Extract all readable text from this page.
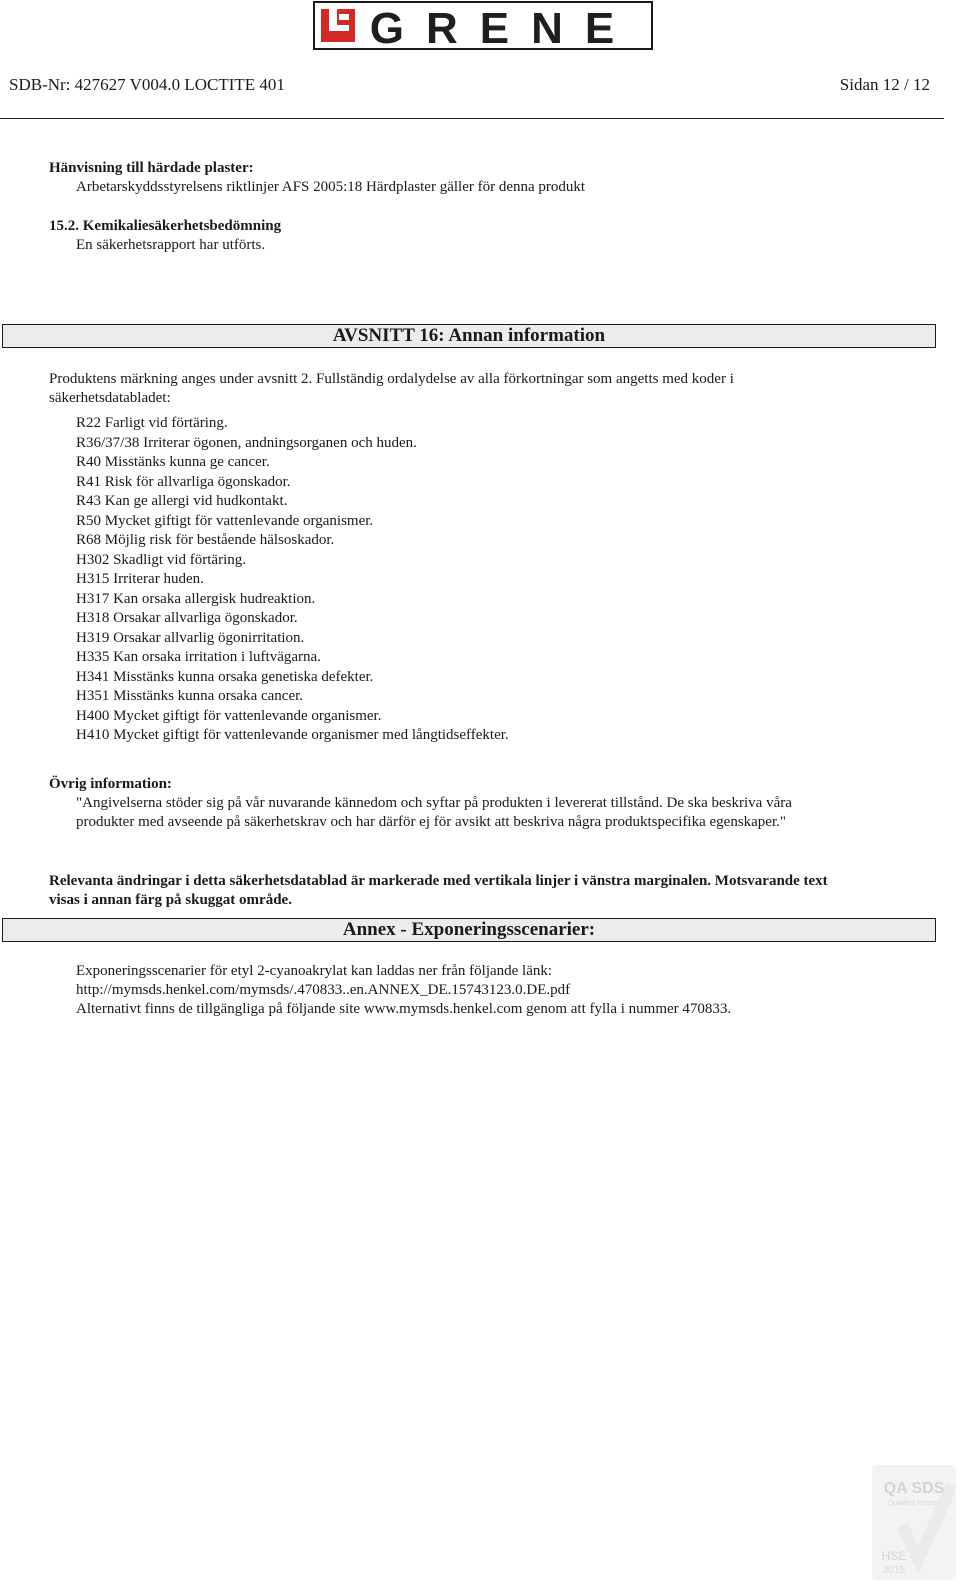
GRENE
SDB-Nr: 427627 V004.0 LOCTITE 401	Sidan 12 / 12
Hänvisning till härdade plaster:
Arbetarskyddsstyrelsens riktlinjer AFS 2005:18 Härdplaster gäller för denna produkt
15.2. Kemikaliesäkerhetsbedömning
En säkerhetsrapport har utförts.
AVSNITT 16: Annan information
Produktens märkning anges under avsnitt 2. Fullständig ordalydelse av alla förkortningar som angetts med koder i
säkerhetsdatabladet:
R22 Farligt vid förtäring.
R36/37/38 Irriterar ögonen, andningsorganen och huden.
R40 Misstänks kunna ge cancer.
R41 Risk för allvarliga ögonskador.
R43 Kan ge allergi vid hudkontakt.
R50 Mycket giftigt för vattenlevande organismer.
R68 Möjlig risk för bestående hälsoskador.
H302 Skadligt vid förtäring.
H315 Irriterar huden.
H317 Kan orsaka allergisk hudreaktion.
H318 Orsakar allvarliga ögonskador.
H319 Orsakar allvarlig ögonirritation.
H335 Kan orsaka irritation i luftvägarna.
H341 Misstänks kunna orsaka genetiska defekter.
H351 Misstänks kunna orsaka cancer.
H400 Mycket giftigt för vattenlevande organismer.
H410 Mycket giftigt för vattenlevande organismer med långtidseffekter.
Övrig information:
"Angivelserna stöder sig på vår nuvarande kännedom och syftar på produkten i levererat tillstånd. De ska beskriva våra
produkter med avseende på säkerhetskrav och har därför ej för avsikt att beskriva några produktspecifika egenskaper."
Relevanta ändringar i detta säkerhetsdatablad är markerade med vertikala linjer i vänstra marginalen. Motsvarande text
visas i annan färg på skuggat område.
Annex - Exponeringsscenarier:
Exponeringsscenarier för etyl 2-cyanoakrylat kan laddas ner från följande länk:
http://mymsds.henkel.com/mymsds/.470833..en.ANNEX_DE.15743123.0.DE.pdf
Alternativt finns de tillgängliga på följande site www.mymsds.henkel.com genom att fylla i nummer 470833.
QA SDS
Qualified Partner
HSE
2015
